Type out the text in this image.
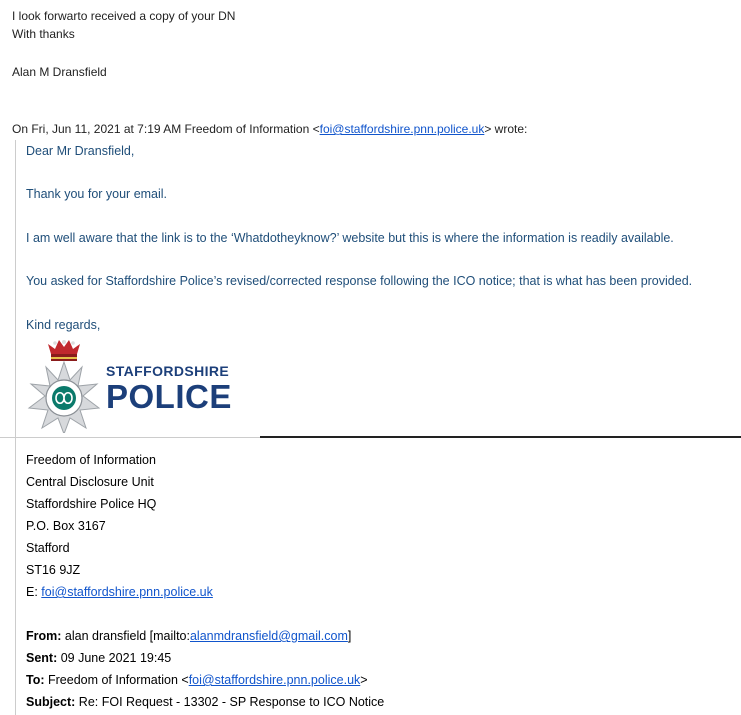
I look forwarto received a copy of your DN
With thanks
Alan M Dransfield
On Fri, Jun 11, 2021 at 7:19 AM Freedom of Information <foi@staffordshire.pnn.police.uk> wrote:
Dear Mr Dransfield,
Thank you for your email.
I am well aware that the link is to the ‘Whatdotheyknow?’ website but this is where the information is readily available.
You asked for Staffordshire Police’s revised/corrected response following the ICO notice; that is what has been provided.
Kind regards,
STAFFORDSHIRE
POLICE
Freedom of Information
Central Disclosure Unit
Staffordshire Police HQ
P.O. Box 3167
Stafford
ST16 9JZ
E: foi@staffordshire.pnn.police.uk
From: alan dransfield [mailto:alanmdransfield@gmail.com]
Sent: 09 June 2021 19:45
To: Freedom of Information <foi@staffordshire.pnn.police.uk>
Subject: Re: FOI Request - 13302 - SP Response to ICO Notice
